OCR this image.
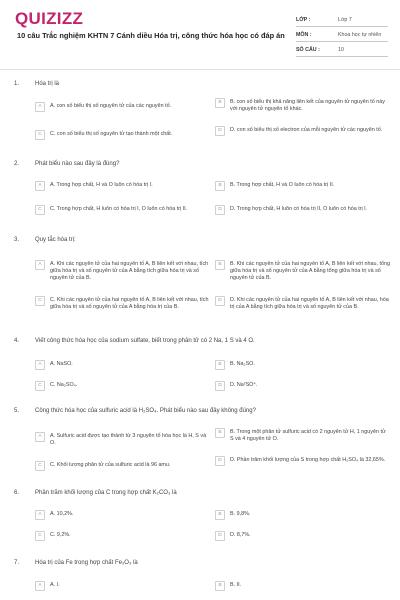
QUIZIZZ
10 câu Trắc nghiệm KHTN 7 Cánh diều Hóa trị, công thức hóa học có đáp án
LỚP :	Lớp 7
MÔN :	Khoa học tự nhiên
SỐ CÂU :	10
1.	Hóa trị là
A	A. con số biểu thị số nguyên tử của các nguyên tố.	B	B. con số biểu thị khả năng liên kết của nguyên tử nguyên tố này với nguyên tử nguyên tố khác.
C	C. con số biểu thị số nguyên tử tạo thành một chất.	D	D. con số biểu thị số electron của mỗi nguyên tử các nguyên tố.
2.	Phát biểu nào sau đây là đúng?
A	A. Trong hợp chất, H và O luôn có hóa trị I.	B	B. Trong hợp chất, H và O luôn có hóa trị II.
C	C. Trong hợp chất, H luôn có hóa trị I, O luôn có hóa trị II.	D	D. Trong hợp chất, H luôn có hóa trị II, O luôn có hóa trị I.
3.	Quy tắc hóa trị:
A	A. Khi các nguyên tử của hai nguyên tố A, B liên kết với nhau, tích giữa hóa trị và số nguyên tử của A bằng tích giữa hóa trị và số nguyên tử của B.
B	B. Khi các nguyên tử của hai nguyên tố A, B liên kết với nhau, tổng giữa hóa trị và số nguyên tử của A bằng tổng giữa hóa trị và số nguyên tử của B.
C	C. Khi các nguyên tử của hai nguyên tố A, B liên kết với nhau, tích giữa hóa trị và số nguyên tử của A bằng hóa trị của B.
D	D. Khi các nguyên tử của hai nguyên tố A, B liên kết với nhau, hóa trị của A bằng tích giữa hóa trị và số nguyên tử của B.
4.	Viết công thức hóa học của sodium sulfate, biết trong phân tử có 2 Na, 1 S và 4 O.
A	A. NaSO.	B	B. Na₂SO.
C	C. Na₂SO₄.	D	D. Na²SO⁴.
5.	Công thức hóa học của sulfuric acid là H₂SO₄. Phát biểu nào sau đây không đúng?
A	A. Sulfuric acid được tạo thành từ 3 nguyên tố hóa học là H, S và O.
B	B. Trong một phân tử sulfuric acid có 2 nguyên tử H, 1 nguyên tử S và 4 nguyên tử O.
C	C. Khối lượng phân tử của sulfuric acid là 96 amu.
D	D. Phần trăm khối lượng của S trong hợp chất H₂SO₄ là 32,65%.
6.	Phần trăm khối lượng của C trong hợp chất K₂CO₃ là
A	A. 10,2%.	B	B. 9,8%.
C	C. 9,2%.	D	D. 8,7%.
7.	Hóa trị của Fe trong hợp chất Fe₂O₃ là
A	A. I.	B	B. II.
